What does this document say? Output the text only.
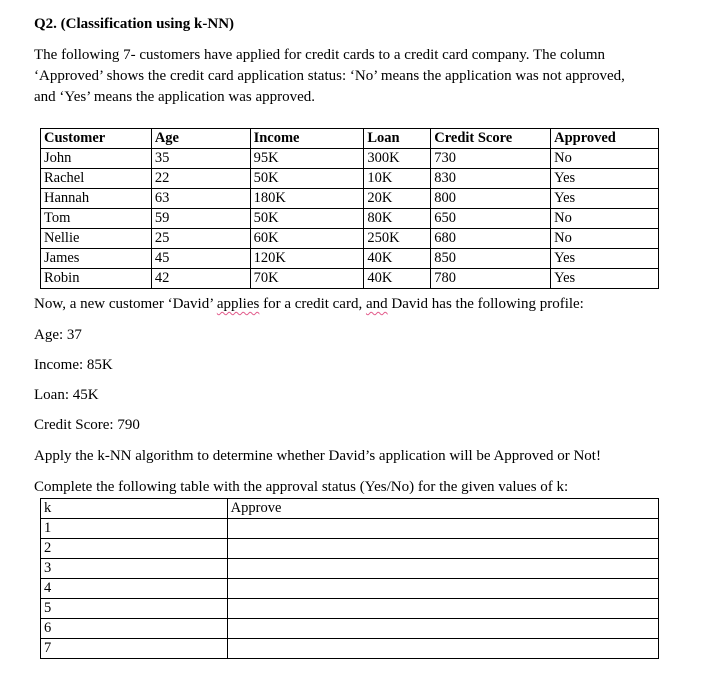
Q2. (Classification using k-NN)
The following 7- customers have applied for credit cards to a credit card company. The column
‘Approved’ shows the credit card application status: ‘No’ means the application was not approved,
and ‘Yes’ means the application was approved.
Customer	Age	Income	Loan	Credit Score	Approved
John	35	95K	300K	730	No
Rachel	22	50K	10K	830	Yes
Hannah	63	180K	20K	800	Yes
Tom	59	50K	80K	650	No
Nellie	25	60K	250K	680	No
James	45	120K	40K	850	Yes
Robin	42	70K	40K	780	Yes
Now, a new customer ‘David’ applies for a credit card, and David has the following profile:
Age: 37
Income: 85K
Loan: 45K
Credit Score: 790
Apply the k-NN algorithm to determine whether David’s application will be Approved or Not!
Complete the following table with the approval status (Yes/No) for the given values of k:
k	Approve
1	
2	
3	
4	
5	
6	
7	
